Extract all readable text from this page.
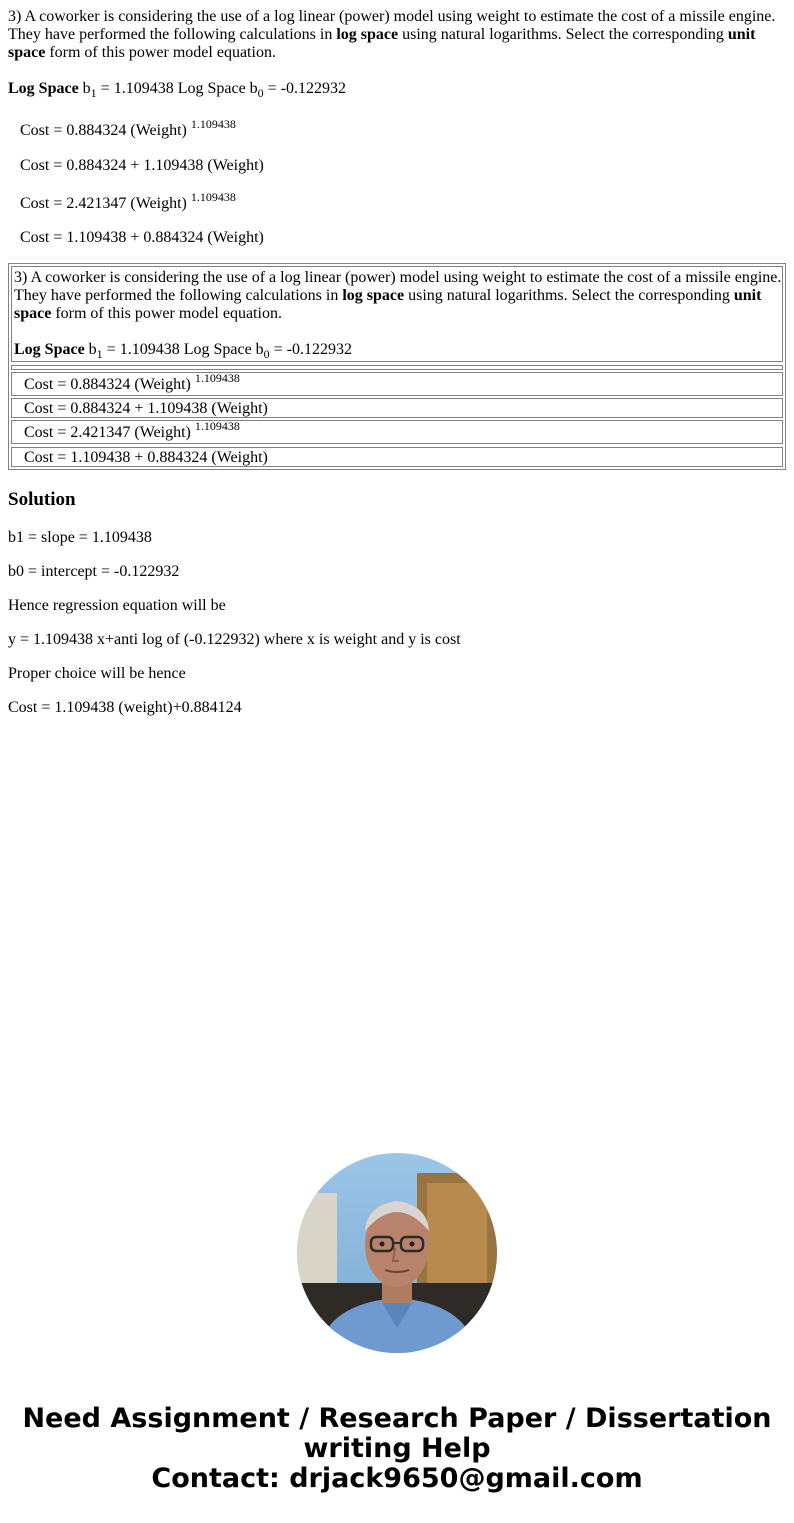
3) A coworker is considering the use of a log linear (power) model using weight to estimate the cost of a missile engine. They have performed the following calculations in log space using natural logarithms. Select the corresponding unit space form of this power model equation.
Log Space $b_1 = 1.109438$ Log Space $b_0 = -0.122932$
Cost = 0.884324 (Weight) $^{1.109438}$
Cost = 0.884324 + 1.109438 (Weight)
Cost = 2.421347 (Weight) $^{1.109438}$
Cost = 1.109438 + 0.884324 (Weight)
3) A coworker is considering the use of a log linear (power) model using weight to estimate the cost of a missile engine. They have performed the following calculations in log space using natural logarithms. Select the corresponding unit space form of this power model equation.
Log Space $b_1 = 1.109438$ Log Space $b_0 = -0.122932$
Cost = 0.884324 (Weight) $^{1.109438}$
Cost = 0.884324 + 1.109438 (Weight)
Cost = 2.421347 (Weight) $^{1.109438}$
Cost = 1.109438 + 0.884324 (Weight)
Solution
b1 = slope = 1.109438
b0 = intercept = -0.122932
Hence regression equation will be
y = 1.109438 x+anti log of (-0.122932) where x is weight and y is cost
Proper choice will be hence
Cost = 1.109438 (weight)+0.884124
Need Assignment / Research Paper / Dissertation
writing Help
Contact: drjack9650@gmail.com
